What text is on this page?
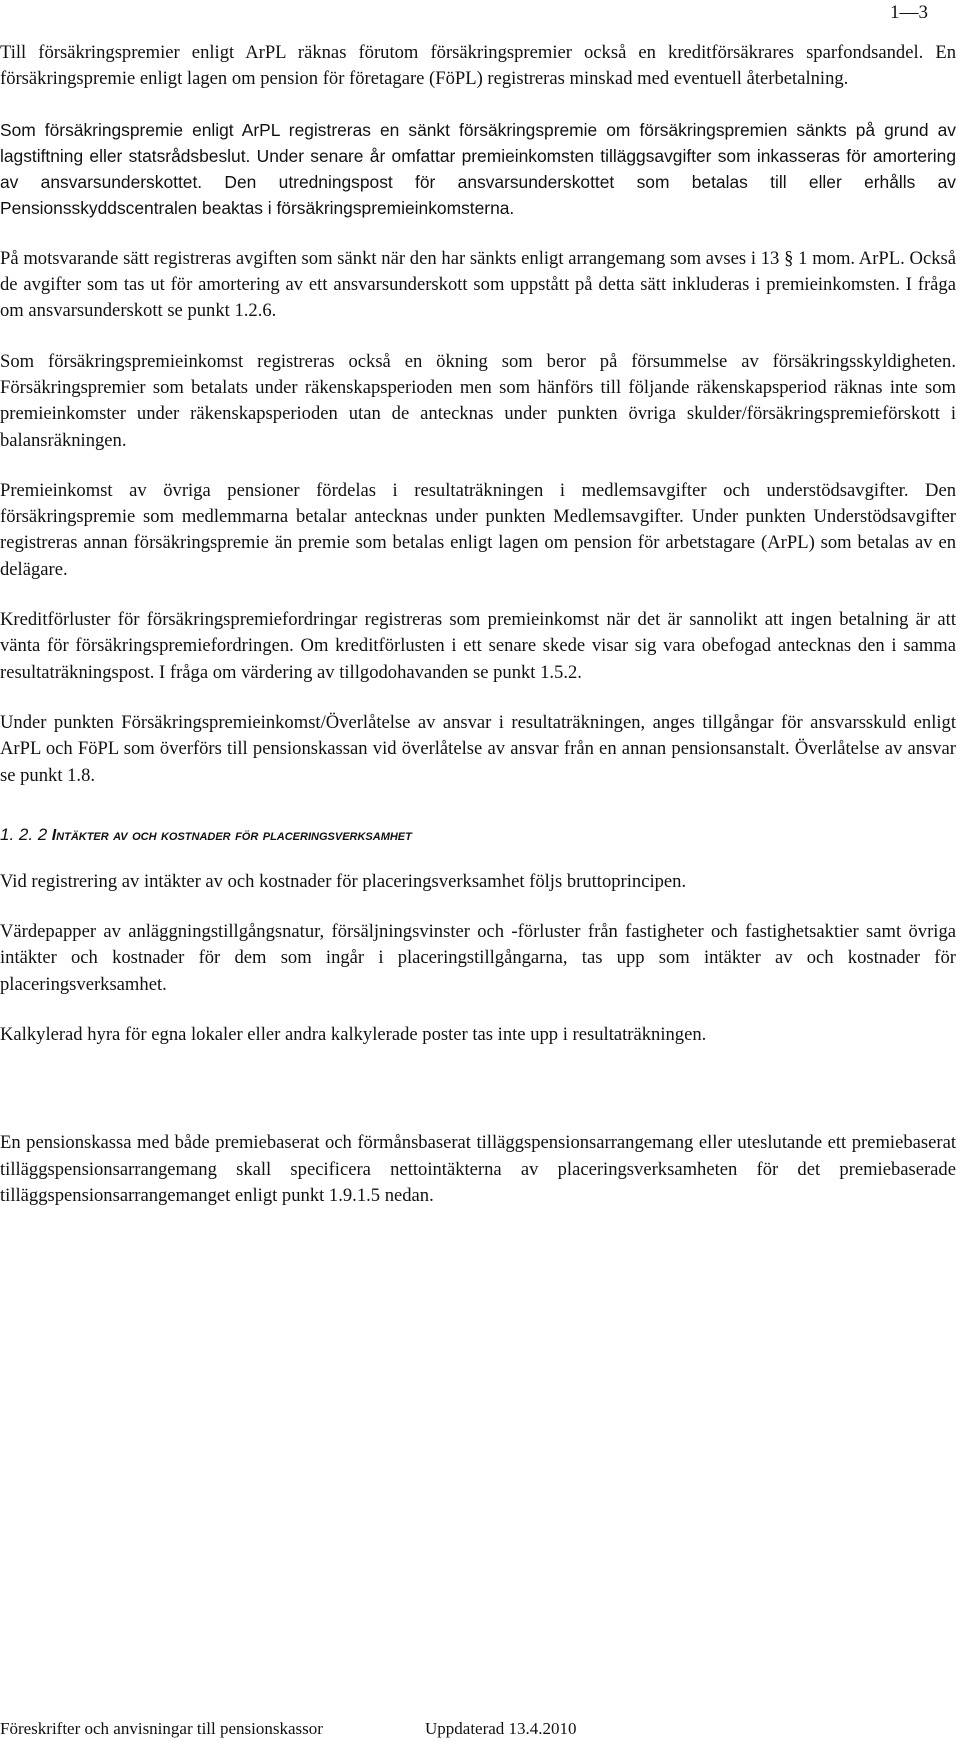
1—3

Till försäkringspremier enligt ArPL räknas förutom försäkringspremier också en kreditförsäkrares sparfondsandel. En försäkringspremie enligt lagen om pension för företagare (FöPL) registreras minskad med eventuell återbetalning.

Som försäkringspremie enligt ArPL registreras en sänkt försäkringspremie om försäkringspremien sänkts på grund av lagstiftning eller statsrådsbeslut. Under senare år omfattar premieinkomsten tilläggsavgifter som inkasseras för amortering av ansvarsunderskottet. Den utredningspost för ansvarsunderskottet som betalas till eller erhålls av Pensionsskyddscentralen beaktas i försäkringspremieinkomsterna.

På motsvarande sätt registreras avgiften som sänkt när den har sänkts enligt arrangemang som avses i 13 § 1 mom. ArPL. Också de avgifter som tas ut för amortering av ett ansvarsunderskott som uppstått på detta sätt inkluderas i premieinkomsten. I fråga om ansvarsunderskott se punkt 1.2.6.

Som försäkringspremieinkomst registreras också en ökning som beror på försummelse av försäkringsskyldigheten. Försäkringspremier som betalats under räkenskapsperioden men som hänförs till följande räkenskapsperiod räknas inte som premieinkomster under räkenskapsperioden utan de antecknas under punkten övriga skulder/försäkringspremieförskott i balansräkningen.

Premieinkomst av övriga pensioner fördelas i resultaträkningen i medlemsavgifter och understödsavgifter. Den försäkringspremie som medlemmarna betalar antecknas under punkten Medlemsavgifter. Under punkten Understödsavgifter registreras annan försäkringspremie än premie som betalas enligt lagen om pension för arbetstagare (ArPL) som betalas av en delägare.

Kreditförluster för försäkringspremiefordringar registreras som premieinkomst när det är sannolikt att ingen betalning är att vänta för försäkringspremiefordringen. Om kreditförlusten i ett senare skede visar sig vara obefogad antecknas den i samma resultaträkningspost. I fråga om värdering av tillgodohavanden se punkt 1.5.2.

Under punkten Försäkringspremieinkomst/Överlåtelse av ansvar i resultaträkningen, anges tillgångar för ansvarsskuld enligt ArPL och FöPL som överförs till pensionskassan vid överlåtelse av ansvar från en annan pensionsanstalt. Överlåtelse av ansvar se punkt 1.8.

1. 2. 2 Intäkter av och kostnader för placeringsverksamhet

Vid registrering av intäkter av och kostnader för placeringsverksamhet följs bruttoprincipen.

Värdepapper av anläggningstillgångsnatur, försäljningsvinster och -förluster från fastigheter och fastighetsaktier samt övriga intäkter och kostnader för dem som ingår i placeringstillgångarna, tas upp som intäkter av och kostnader för placeringsverksamhet.

Kalkylerad hyra för egna lokaler eller andra kalkylerade poster tas inte upp i resultaträkningen.

En pensionskassa med både premiebaserat och förmånsbaserat tilläggspensionsarrangemang eller uteslutande ett premiebaserat tilläggspensionsarrangemang skall specificera nettointäkterna av placeringsverksamheten för det premiebaserade tilläggspensionsarrangemanget enligt punkt 1.9.1.5 nedan.

Föreskrifter och anvisningar till pensionskassor	Uppdaterad 13.4.2010
